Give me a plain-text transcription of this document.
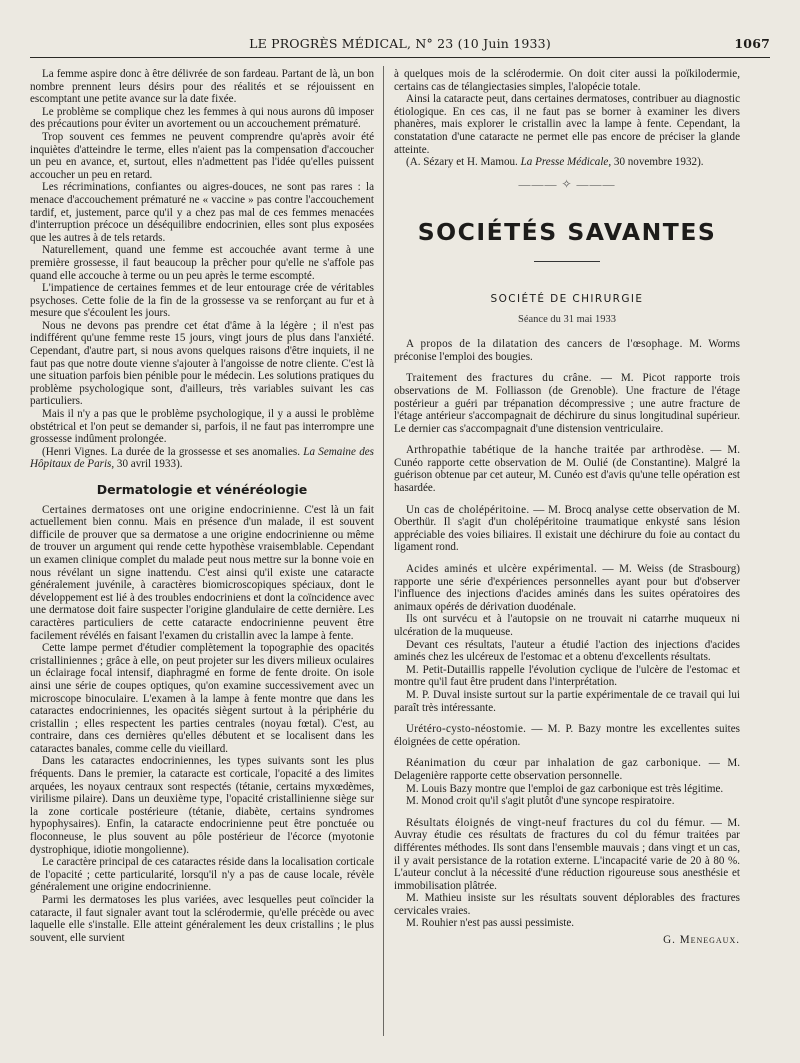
LE PROGRÈS MÉDICAL, N° 23 (10 Juin 1933)	1067

La femme aspire donc à être délivrée de son fardeau. Partant de là, un bon nombre prennent leurs désirs pour des réalités et se réjouissent en escomptant une petite avance sur la date fixée.

Le problème se complique chez les femmes à qui nous aurons dû imposer des précautions pour éviter un avortement ou un accouchement prématuré.

Trop souvent ces femmes ne peuvent comprendre qu'après avoir été inquiètes d'atteindre le terme, elles n'aient pas la compensation d'accoucher un peu en avance, et, surtout, elles n'admettent pas l'idée qu'elles puissent accoucher un peu en retard.

Les récriminations, confiantes ou aigres-douces, ne sont pas rares : la menace d'accouchement prématuré ne « vaccine » pas contre l'accouchement tardif, et, justement, parce qu'il y a chez pas mal de ces femmes menacées d'interruption précoce un déséquilibre endocrinien, elles sont plus exposées que les autres à de tels retards.

Naturellement, quand une femme est accouchée avant terme à une première grossesse, il faut beaucoup la prêcher pour qu'elle ne s'affole pas quand elle accouche à terme ou un peu après le terme escompté.

L'impatience de certaines femmes et de leur entourage crée de véritables psychoses. Cette folie de la fin de la grossesse va se renforçant au fur et à mesure que s'écoulent les jours.

Nous ne devons pas prendre cet état d'âme à la légère ; il n'est pas indifférent qu'une femme reste 15 jours, vingt jours de plus dans l'anxiété. Cependant, d'autre part, si nous avons quelques raisons d'être inquiets, il ne faut pas que notre doute vienne s'ajouter à l'angoisse de notre cliente. C'est là une situation parfois bien pénible pour le médecin. Les solutions pratiques du problème psychologique sont, d'ailleurs, très variables suivant les cas particuliers.

Mais il n'y a pas que le problème psychologique, il y a aussi le problème obstétrical et l'on peut se demander si, parfois, il ne faut pas interrompre une grossesse indûment prolongée.

(Henri Vignes. La durée de la grossesse et ses anomalies. La Semaine des Hôpitaux de Paris, 30 avril 1933).

Dermatologie et vénéréologie

Certaines dermatoses ont une origine endocrinienne. C'est là un fait actuellement bien connu. Mais en présence d'un malade, il est souvent difficile de prouver que sa dermatose a une origine endocrinienne ou même de trouver un argument qui rende cette hypothèse vraisemblable. Cependant un examen clinique complet du malade peut nous mettre sur la bonne voie en nous révélant un signe inattendu. C'est ainsi qu'il existe une cataracte généralement juvénile, à caractères biomicroscopiques spéciaux, dont le développement est lié à des troubles endocriniens et dont la coïncidence avec une dermatose doit faire suspecter l'origine glandulaire de cette dernière. Les caractères particuliers de cette cataracte endocrinienne peuvent être facilement révélés en faisant l'examen du cristallin avec la lampe à fente.

Cette lampe permet d'étudier complètement la topographie des opacités cristalliniennes ; grâce à elle, on peut projeter sur les divers milieux oculaires un éclairage focal intensif, diaphragmé en forme de fente droite. On isole ainsi une série de coupes optiques, qu'on examine successivement avec un microscope binoculaire. L'examen à la lampe à fente montre que dans les cataractes endocriniennes, les opacités siègent surtout à la périphérie du cristallin ; elles respectent les parties centrales (noyau fœtal). C'est, au contraire, dans ces dernières qu'elles débutent et se localisent dans les cataractes banales, comme celle du vieillard.

Dans les cataractes endocriniennes, les types suivants sont les plus fréquents. Dans le premier, la cataracte est corticale, l'opacité a des limites arquées, les noyaux centraux sont respectés (tétanie, certains myxœdèmes, virilisme pilaire). Dans un deuxième type, l'opacité cristallinienne siège sur la zone corticale postérieure (tétanie, diabète, certains syndromes hypophysaires). Enfin, la cataracte endocrinienne peut être ponctuée ou floconneuse, le plus souvent au pôle postérieur de l'écorce (myotonie dystrophique, idiotie mongolienne).

Le caractère principal de ces cataractes réside dans la localisation corticale de l'opacité ; cette particularité, lorsqu'il n'y a pas de cause locale, révèle généralement une origine endocrinienne.

Parmi les dermatoses les plus variées, avec lesquelles peut coïncider la cataracte, il faut signaler avant tout la sclérodermie, qu'elle précède ou avec laquelle elle s'installe. Elle atteint généralement les deux cristallins ; le plus souvent, elle survient

à quelques mois de la sclérodermie. On doit citer aussi la poïkilodermie, certains cas de télangiectasies simples, l'alopécie totale.

Ainsi la cataracte peut, dans certaines dermatoses, contribuer au diagnostic étiologique. En ces cas, il ne faut pas se borner à examiner les divers phanères, mais explorer le cristallin avec la lampe à fente. Cependant, la constatation d'une cataracte ne permet elle pas encore de préciser la glande atteinte.

(A. Sézary et H. Mamou. La Presse Médicale, 30 novembre 1932).

——— ✧ ———
SOCIÉTÉS SAVANTES
SOCIÉTÉ DE CHIRURGIE
Séance du 31 mai 1933

A propos de la dilatation des cancers de l'œsophage. M. Worms préconise l'emploi des bougies.

Traitement des fractures du crâne. — M. Picot rapporte trois observations de M. Folliasson (de Grenoble). Une fracture de l'étage postérieur a guéri par trépanation décompressive ; une autre fracture de l'étage antérieur s'accompagnait de déchirure du sinus longitudinal supérieur. Le dernier cas s'accompagnait d'une distension ventriculaire.

Arthropathie tabétique de la hanche traitée par arthrodèse. — M. Cunéo rapporte cette observation de M. Oulié (de Constantine). Malgré la guérison obtenue par cet auteur, M. Cunéo est d'avis qu'une telle opération est hasardée.

Un cas de cholépéritoine. — M. Brocq analyse cette observation de M. Oberthür. Il s'agit d'un cholépéritoine traumatique enkysté sans lésion appréciable des voies biliaires. Il existait une déchirure du foie au contact du ligament rond.

Acides aminés et ulcère expérimental. — M. Weiss (de Strasbourg) rapporte une série d'expériences personnelles ayant pour but d'observer l'influence des injections d'acides aminés dans les suites opératoires des animaux opérés de dérivation duodénale.

Ils ont survécu et à l'autopsie on ne trouvait ni catarrhe muqueux ni ulcération de la muqueuse.

Devant ces résultats, l'auteur a étudié l'action des injections d'acides aminés chez les ulcéreux de l'estomac et a obtenu d'excellents résultats.

M. Petit-Dutaillis rappelle l'évolution cyclique de l'ulcère de l'estomac et montre qu'il faut être prudent dans l'interprétation.

M. P. Duval insiste surtout sur la partie expérimentale de ce travail qui lui paraît très intéressante.

Urétéro-cysto-néostomie. — M. P. Bazy montre les excellentes suites éloignées de cette opération.

Réanimation du cœur par inhalation de gaz carbonique. — M. Delagenière rapporte cette observation personnelle.

M. Louis Bazy montre que l'emploi de gaz carbonique est très légitime.

M. Monod croit qu'il s'agit plutôt d'une syncope respiratoire.

Résultats éloignés de vingt-neuf fractures du col du fémur. — M. Auvray étudie ces résultats de fractures du col du fémur traitées par différentes méthodes. Ils sont dans l'ensemble mauvais ; dans vingt et un cas, il y avait persistance de la rotation externe. L'incapacité varie de 20 à 80 %. L'auteur conclut à la nécessité d'une réduction rigoureuse sous anesthésie et immobilisation plâtrée.

M. Mathieu insiste sur les résultats souvent déplorables des fractures cervicales vraies.

M. Rouhier n'est pas aussi pessimiste.

G. Menegaux.
